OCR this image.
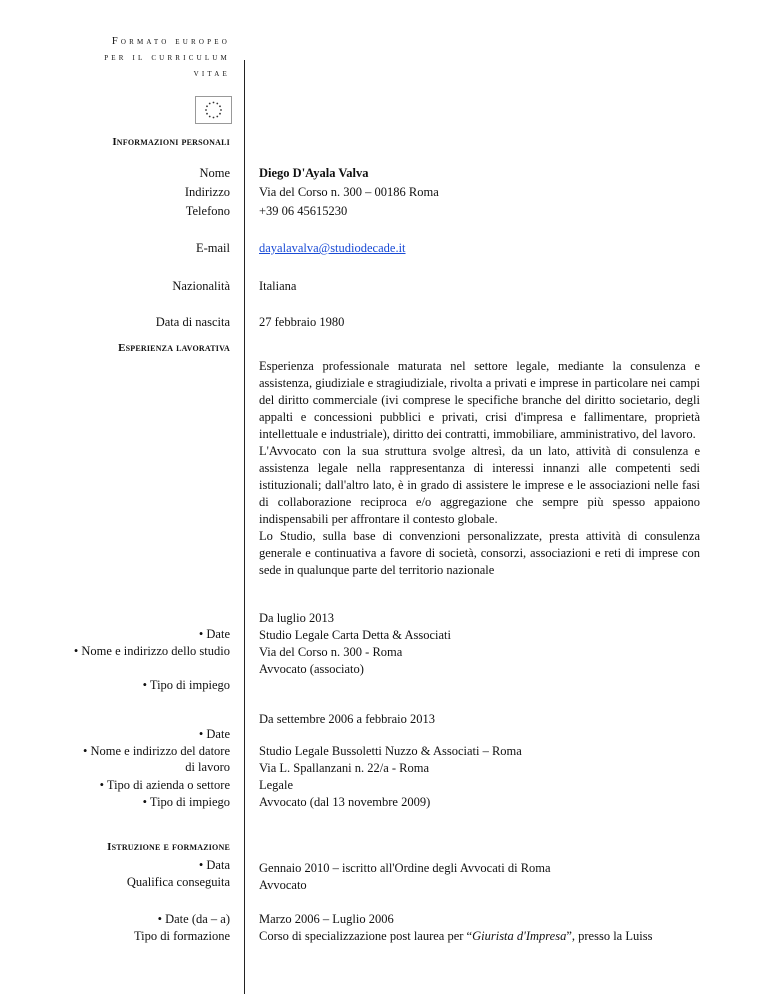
Formato europeo
per il curriculum
vitae
Informazioni personali
Nome Diego D'Ayala Valva
Indirizzo Via del Corso n. 300 – 00186 Roma
Telefono +39 06 45615230
E-mail dayalavalva@studiodecade.it
Nazionalità Italiana
Data di nascita 27 febbraio 1980
Esperienza lavorativa

Esperienza professionale maturata nel settore legale, mediante la consulenza e assistenza, giudiziale e stragiudiziale, rivolta a privati e imprese in particolare nei campi del diritto commerciale (ivi comprese le specifiche branche del diritto societario, degli appalti e concessioni pubblici e privati, crisi d'impresa e fallimentare, proprietà intellettuale e industriale), diritto dei contratti, immobiliare, amministrativo, del lavoro.

L'Avvocato con la sua struttura svolge altresì, da un lato, attività di consulenza e assistenza legale nella rappresentanza di interessi innanzi alle competenti sedi istituzionali; dall'altro lato, è in grado di assistere le imprese e le associazioni nelle fasi di collaborazione reciproca e/o aggregazione che sempre più spesso appaiono indispensabili per affrontare il contesto globale.

Lo Studio, sulla base di convenzioni personalizzate, presta attività di consulenza generale e continuativa a favore di società, consorzi, associazioni e reti di imprese con sede in qualunque parte del territorio nazionale

• Date
• Nome e indirizzo dello studio
• Tipo di impiego
Da luglio 2013
Studio Legale Carta Detta & Associati
Via del Corso n. 300 - Roma
Avvocato (associato)
Da settembre 2006 a febbraio 2013
• Date
• Nome e indirizzo del datore
di lavoro
• Tipo di azienda o settore
• Tipo di impiego
Studio Legale Bussoletti Nuzzo & Associati – Roma
Via L. Spallanzani n. 22/a - Roma
Legale
Avvocato (dal 13 novembre 2009)
Istruzione e formazione
• Data
Qualifica conseguita
Gennaio 2010 – iscritto all'Ordine degli Avvocati di Roma
Avvocato
• Date (da – a)
Tipo di formazione
Marzo 2006 – Luglio 2006
Corso di specializzazione post laurea per “Giurista d'Impresa”, presso la Luiss
